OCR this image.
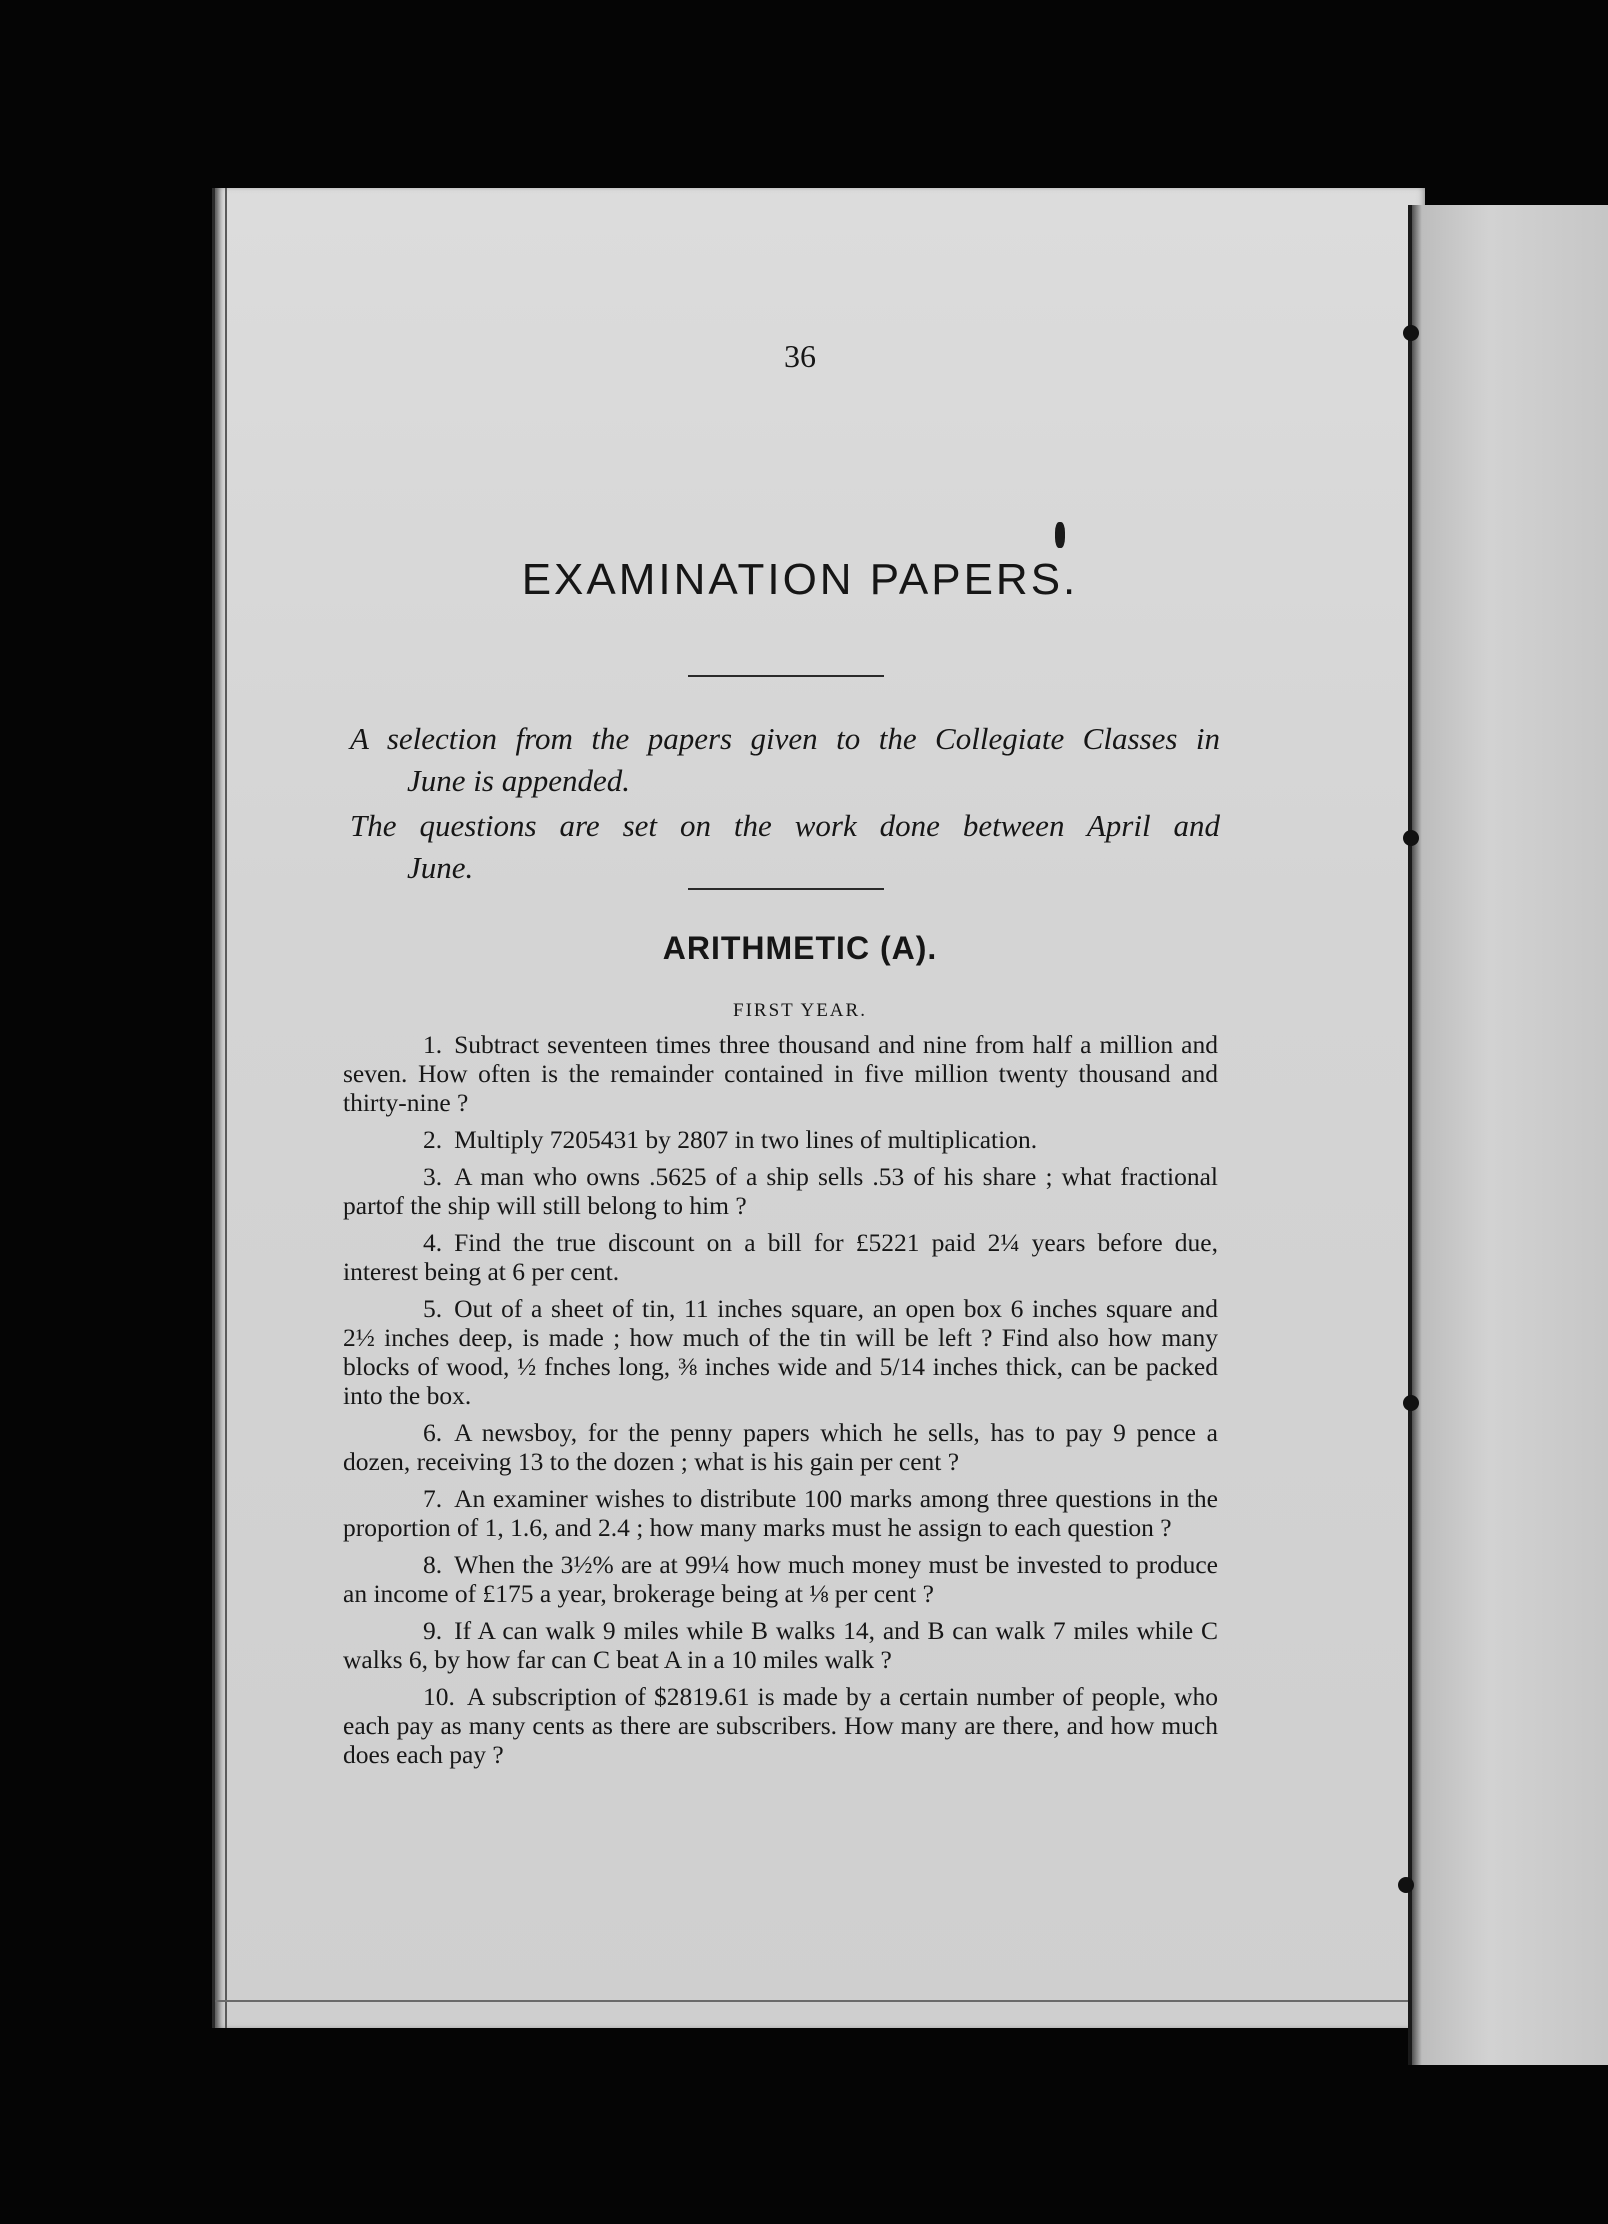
36
EXAMINATION PAPERS.
A selection from the papers given to the Collegiate Classes in
June is appended.
The questions are set on the work done between April and
June.
ARITHMETIC (A).
FIRST YEAR.
1. Subtract seventeen times three thousand and nine from half a million and seven. How often is the remainder contained in five million twenty thousand and thirty-nine ?
2. Multiply 7205431 by 2807 in two lines of multiplication.
3. A man who owns .5625 of a ship sells .53 of his share ; what fractional partof the ship will still belong to him ?
4. Find the true discount on a bill for £5221 paid 2¼ years before due, interest being at 6 per cent.
5. Out of a sheet of tin, 11 inches square, an open box 6 inches square and 2½ inches deep, is made ; how much of the tin will be left ? Find also how many blocks of wood, ½ fnches long, ⅜ inches wide and 5/14 inches thick, can be packed into the box.
6. A newsboy, for the penny papers which he sells, has to pay 9 pence a dozen, receiving 13 to the dozen ; what is his gain per cent ?
7. An examiner wishes to distribute 100 marks among three questions in the proportion of 1, 1.6, and 2.4 ; how many marks must he assign to each question ?
8. When the 3½% are at 99¼ how much money must be invested to produce an income of £175 a year, brokerage being at ⅛ per cent ?
9. If A can walk 9 miles while B walks 14, and B can walk 7 miles while C walks 6, by how far can C beat A in a 10 miles walk ?
10. A subscription of $2819.61 is made by a certain number of people, who each pay as many cents as there are subscribers. How many are there, and how much does each pay ?
